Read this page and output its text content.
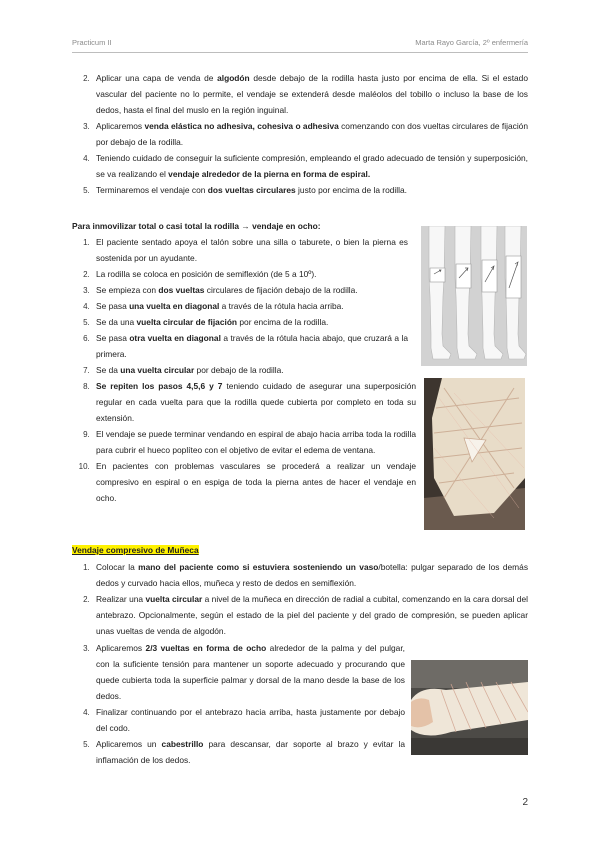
Practicum II	Marta Rayo García, 2º enfermería
2. Aplicar una capa de venda de algodón desde debajo de la rodilla hasta justo por encima de ella. Si el estado vascular del paciente no lo permite, el vendaje se extenderá desde maléolos del tobillo o incluso la base de los dedos, hasta el final del muslo en la región inguinal.
3. Aplicaremos venda elástica no adhesiva, cohesiva o adhesiva comenzando con dos vueltas circulares de fijación por debajo de la rodilla.
4. Teniendo cuidado de conseguir la suficiente compresión, empleando el grado adecuado de tensión y superposición, se va realizando el vendaje alrededor de la pierna en forma de espiral.
5. Terminaremos el vendaje con dos vueltas circulares justo por encima de la rodilla.
Para inmovilizar total o casi total la rodilla → vendaje en ocho:
1. El paciente sentado apoya el talón sobre una silla o taburete, o bien la pierna es sostenida por un ayudante.
2. La rodilla se coloca en posición de semiflexión (de 5 a 10º).
3. Se empieza con dos vueltas circulares de fijación debajo de la rodilla.
4. Se pasa una vuelta en diagonal a través de la rótula hacia arriba.
5. Se da una vuelta circular de fijación por encima de la rodilla.
6. Se pasa otra vuelta en diagonal a través de la rótula hacia abajo, que cruzará a la primera.
7. Se da una vuelta circular por debajo de la rodilla.
8. Se repiten los pasos 4,5,6 y 7 teniendo cuidado de asegurar una superposición regular en cada vuelta para que la rodilla quede cubierta por completo en toda su extensión.
9. El vendaje se puede terminar vendando en espiral de abajo hacia arriba toda la rodilla para cubrir el hueco poplíteo con el objetivo de evitar el edema de ventana.
10. En pacientes con problemas vasculares se procederá a realizar un vendaje compresivo en espiral o en espiga de toda la pierna antes de hacer el vendaje en ocho.
Vendaje compresivo de Muñeca
1. Colocar la mano del paciente como si estuviera sosteniendo un vaso/botella: pulgar separado de los demás dedos y curvado hacia ellos, muñeca y resto de dedos en semiflexión.
2. Realizar una vuelta circular a nivel de la muñeca en dirección de radial a cubital, comenzando en la cara dorsal del antebrazo. Opcionalmente, según el estado de la piel del paciente y del grado de compresión, se pueden aplicar unas vueltas de venda de algodón.
3. Aplicaremos 2/3 vueltas en forma de ocho alrededor de la palma y del pulgar, con la suficiente tensión para mantener un soporte adecuado y procurando que quede cubierta toda la superficie palmar y dorsal de la mano desde la base de los dedos.
4. Finalizar continuando por el antebrazo hacia arriba, hasta justamente por debajo del codo.
5. Aplicaremos un cabestrillo para descansar, dar soporte al brazo y evitar la inflamación de los dedos.
2
